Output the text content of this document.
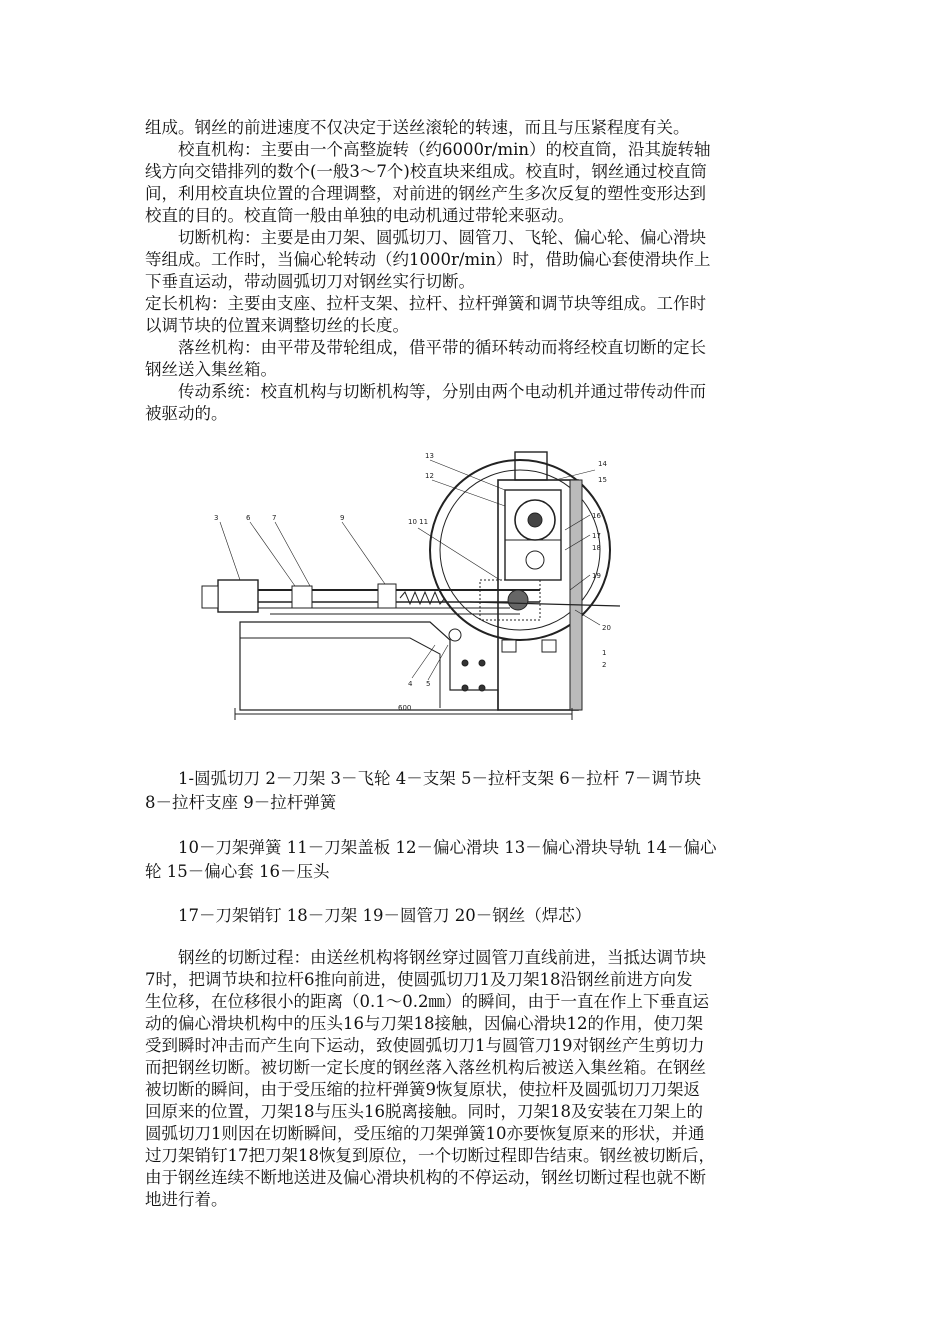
组成。钢丝的前进速度不仅决定于送丝滚轮的转速，而且与压紧程度有关。
　　校直机构：主要由一个高整旋转（约6000r/min）的校直筒，沿其旋转轴
线方向交错排列的数个(一般3～7个)校直块来组成。校直时，钢丝通过校直筒
间，利用校直块位置的合理调整，对前进的钢丝产生多次反复的塑性变形达到
校直的目的。校直筒一般由单独的电动机通过带轮来驱动。
　　切断机构：主要是由刀架、圆弧切刀、圆管刀、飞轮、偏心轮、偏心滑块
等组成。工作时，当偏心轮转动（约1000r/min）时，借助偏心套使滑块作上
下垂直运动，带动圆弧切刀对钢丝实行切断。
定长机构：主要由支座、拉杆支架、拉杆、拉杆弹簧和调节块等组成。工作时
以调节块的位置来调整切丝的长度。
　　落丝机构：由平带及带轮组成，借平带的循环转动而将经校直切断的定长
钢丝送入集丝箱。
　　传动系统：校直机构与切断机构等，分别由两个电动机并通过带传动件而
被驱动的。
13
12
14
15
16
17
18
19
20
10 11
3	6	7	9
1
2
4 5
600
　　1-圆弧切刀 2－刀架 3－飞轮 4－支架 5－拉杆支架 6－拉杆 7－调节块
8－拉杆支座 9－拉杆弹簧
　　10－刀架弹簧 11－刀架盖板 12－偏心滑块 13－偏心滑块导轨 14－偏心
轮 15－偏心套 16－压头
　　17－刀架销钉 18－刀架 19－圆管刀 20－钢丝（焊芯）
　　钢丝的切断过程：由送丝机构将钢丝穿过圆管刀直线前进，当抵达调节块
7时，把调节块和拉杆6推向前进，使圆弧切刀1及刀架18沿钢丝前进方向发
生位移，在位移很小的距离（0.1～0.2㎜）的瞬间，由于一直在作上下垂直运
动的偏心滑块机构中的压头16与刀架18接触，因偏心滑块12的作用，使刀架
受到瞬时冲击而产生向下运动，致使圆弧切刀1与圆管刀19对钢丝产生剪切力
而把钢丝切断。被切断一定长度的钢丝落入落丝机构后被送入集丝箱。在钢丝
被切断的瞬间，由于受压缩的拉杆弹簧9恢复原状，使拉杆及圆弧切刀刀架返
回原来的位置，刀架18与压头16脱离接触。同时，刀架18及安装在刀架上的
圆弧切刀1则因在切断瞬间，受压缩的刀架弹簧10亦要恢复原来的形状，并通
过刀架销钉17把刀架18恢复到原位，一个切断过程即告结束。钢丝被切断后，
由于钢丝连续不断地送进及偏心滑块机构的不停运动，钢丝切断过程也就不断
地进行着。
